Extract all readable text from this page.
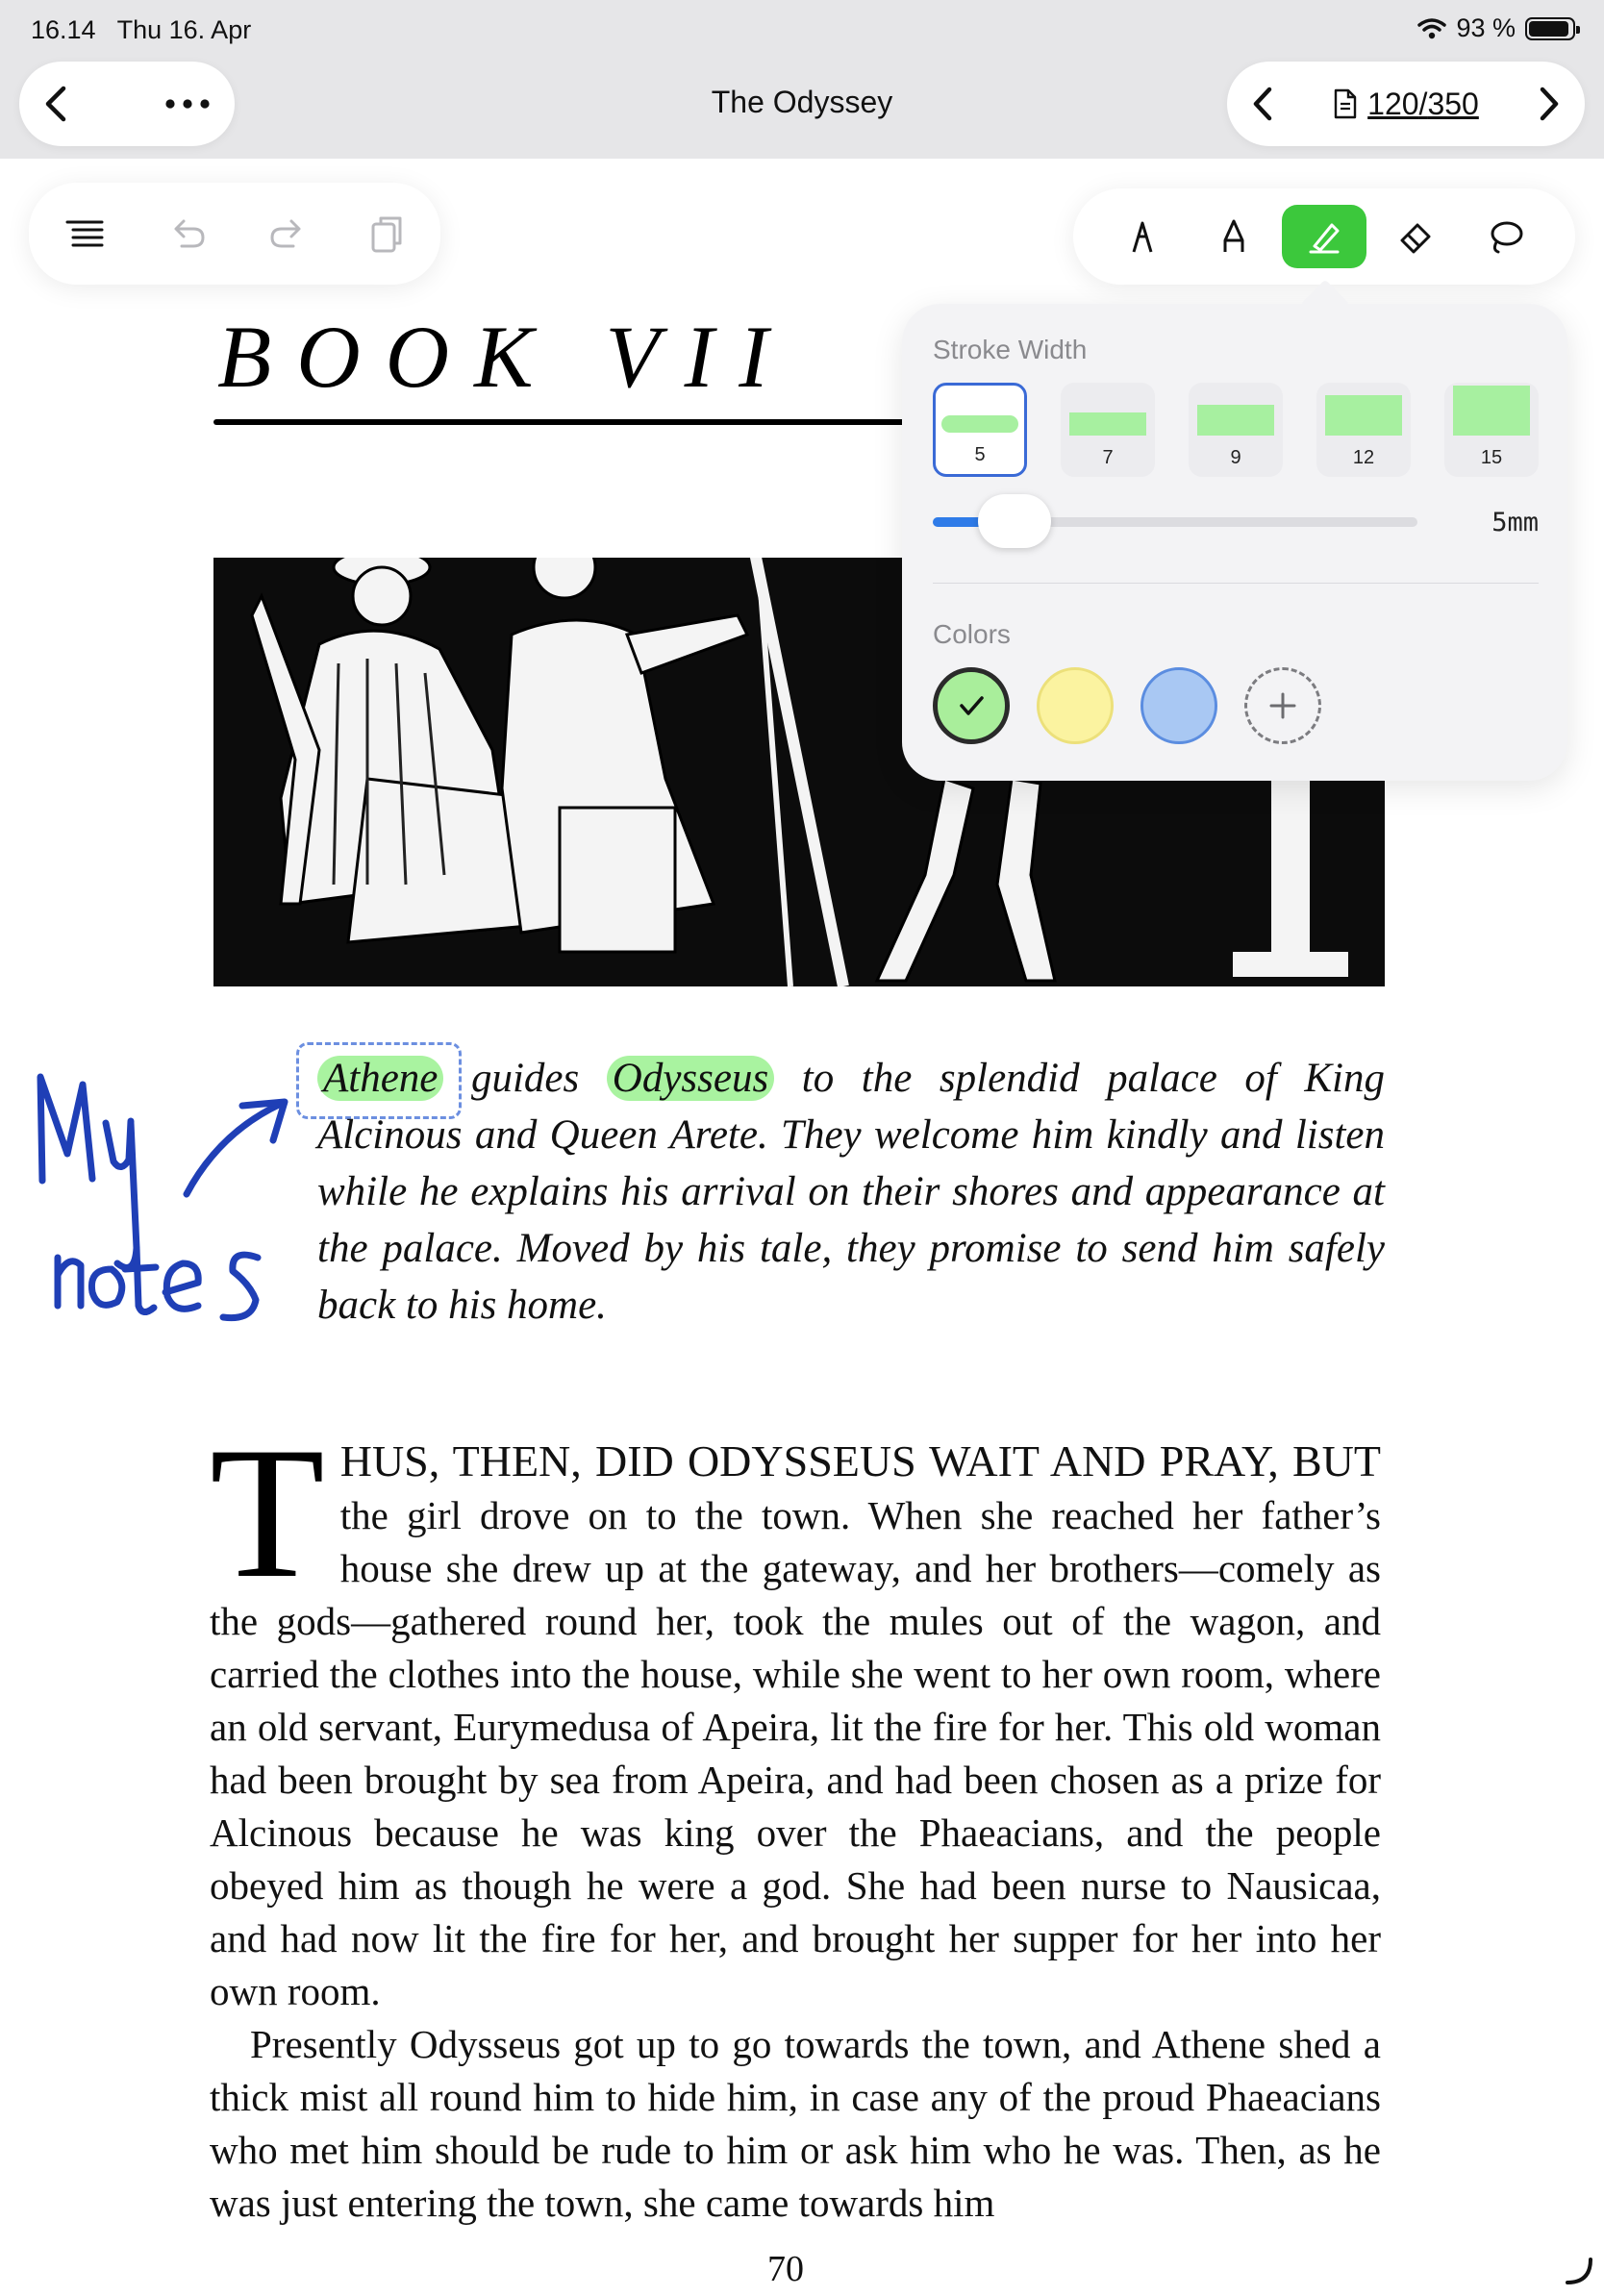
16.14 Thu 16. Apr	93 %
The Odyssey	120/350
BOOK VII
Athene guides Odysseus to the splendid palace of King Alcinous and Queen Arete. They welcome him kindly and listen while he explains his arrival on their shores and appearance at the palace. Moved by his tale, they promise to send him safely back to his home.

THUS, THEN, DID ODYSSEUS WAIT AND PRAY, BUT the girl drove on to the town. When she reached her father’s house she drew up at the gateway, and her brothers—comely as the gods—gathered round her, took the mules out of the wagon, and carried the clothes into the house, while she went to her own room, where an old servant, Eurymedusa of Apeira, lit the fire for her. This old woman had been brought by sea from Apeira, and had been chosen as a prize for Alcinous because he was king over the Phaeacians, and the people obeyed him as though he were a god. She had been nurse to Nausicaa, and had now lit the fire for her, and brought her supper for her into her own room.

Presently Odysseus got up to go towards the town, and Athene shed a thick mist all round him to hide him, in case any of the proud Phaeacians who met him should be rude to him or ask him who he was. Then, as he was just entering the town, she came towards him

70
Stroke Width
5	7	9	12	15
5mm
Colors
